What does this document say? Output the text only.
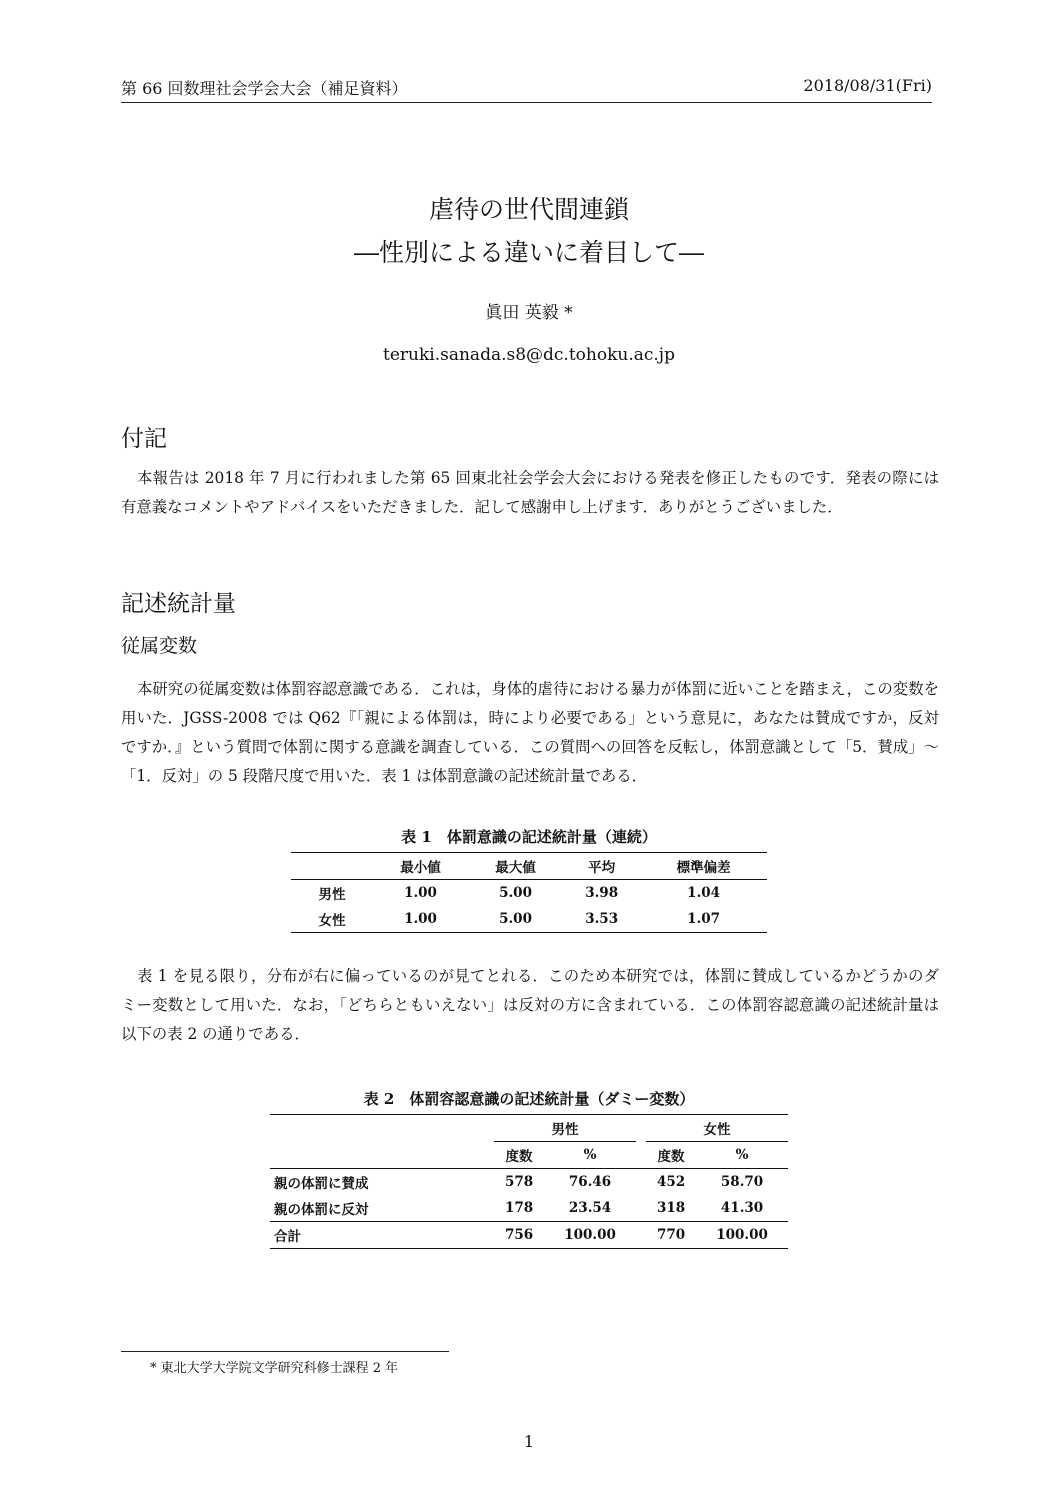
第 66 回数理社会学会大会（補足資料）	2018/08/31(Fri)
虐待の世代間連鎖
―性別による違いに着目して―
眞田 英毅 *
teruki.sanada.s8@dc.tohoku.ac.jp
付記
本報告は 2018 年 7 月に行われました第 65 回東北社会学会大会における発表を修正したものです．発表の際には有意義なコメントやアドバイスをいただきました．記して感謝申し上げます．ありがとうございました．
記述統計量
従属変数
本研究の従属変数は体罰容認意識である．これは，身体的虐待における暴力が体罰に近いことを踏まえ，この変数を用いた．JGSS-2008 では Q62『「親による体罰は，時により必要である」という意見に，あなたは賛成ですか，反対ですか．』という質問で体罰に関する意識を調査している．この質問への回答を反転し，体罰意識として「5．賛成」～「1．反対」の 5 段階尺度で用いた．表 1 は体罰意識の記述統計量である．
表 1　体罰意識の記述統計量（連続）
	最小値	最大値	平均	標準偏差
男性	1.00	5.00	3.98	1.04
女性	1.00	5.00	3.53	1.07
表 1 を見る限り，分布が右に偏っているのが見てとれる．このため本研究では，体罰に賛成しているかどうかのダミー変数として用いた．なお，「どちらともいえない」は反対の方に含まれている．この体罰容認意識の記述統計量は以下の表 2 の通りである．
表 2　体罰容認意識の記述統計量（ダミー変数）
	男性			女性	
	度数	%		度数	%
親の体罰に賛成	578	76.46		452	58.70
親の体罰に反対	178	23.54		318	41.30
合計	756	100.00		770	100.00
* 東北大学大学院文学研究科修士課程 2 年
1
